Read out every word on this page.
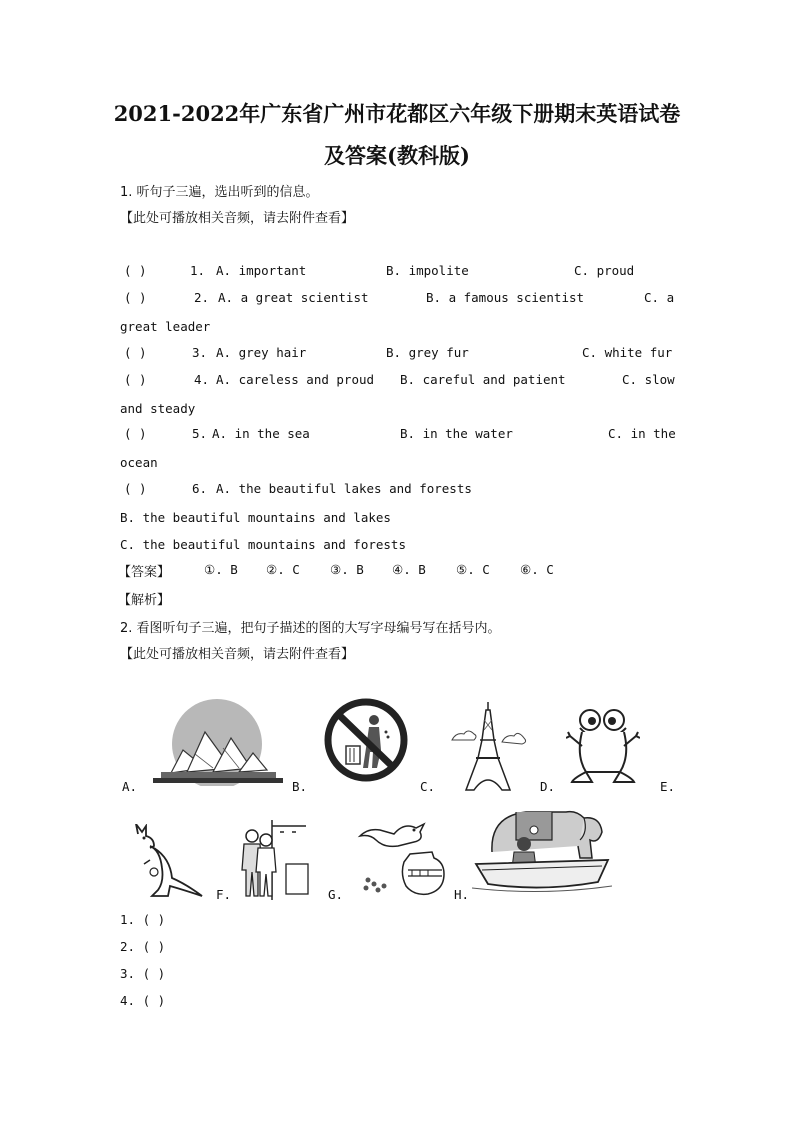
2021-2022年广东省广州市花都区六年级下册期末英语试卷
及答案(教科版)
1. 听句子三遍，选出听到的信息。
【此处可播放相关音频，请去附件查看】
( )	1. A. important	B. impolite	C. proud
( )	2. A. a great scientist	B. a famous scientist	C. a
great leader
( )	3. A. grey hair	B. grey fur	C. white fur
( )	4. A. careless and proud B. careful and patient	C. slow
and steady
( )	5. A. in the sea	B. in the water	C. in the
ocean
( )	6. A. the beautiful lakes and forests
B. the beautiful mountains and lakes
C. the beautiful mountains and forests
【答案】	①. B ②. C ③. B ④. B ⑤. C ⑥. C
【解析】
2. 看图听句子三遍，把句子描述的图的大写字母编号写在括号内。
【此处可播放相关音频，请去附件查看】
A.	B.	C.	D.	E.
F.	G.	H.
1. ( )
2. ( )
3. ( )
4. ( )
